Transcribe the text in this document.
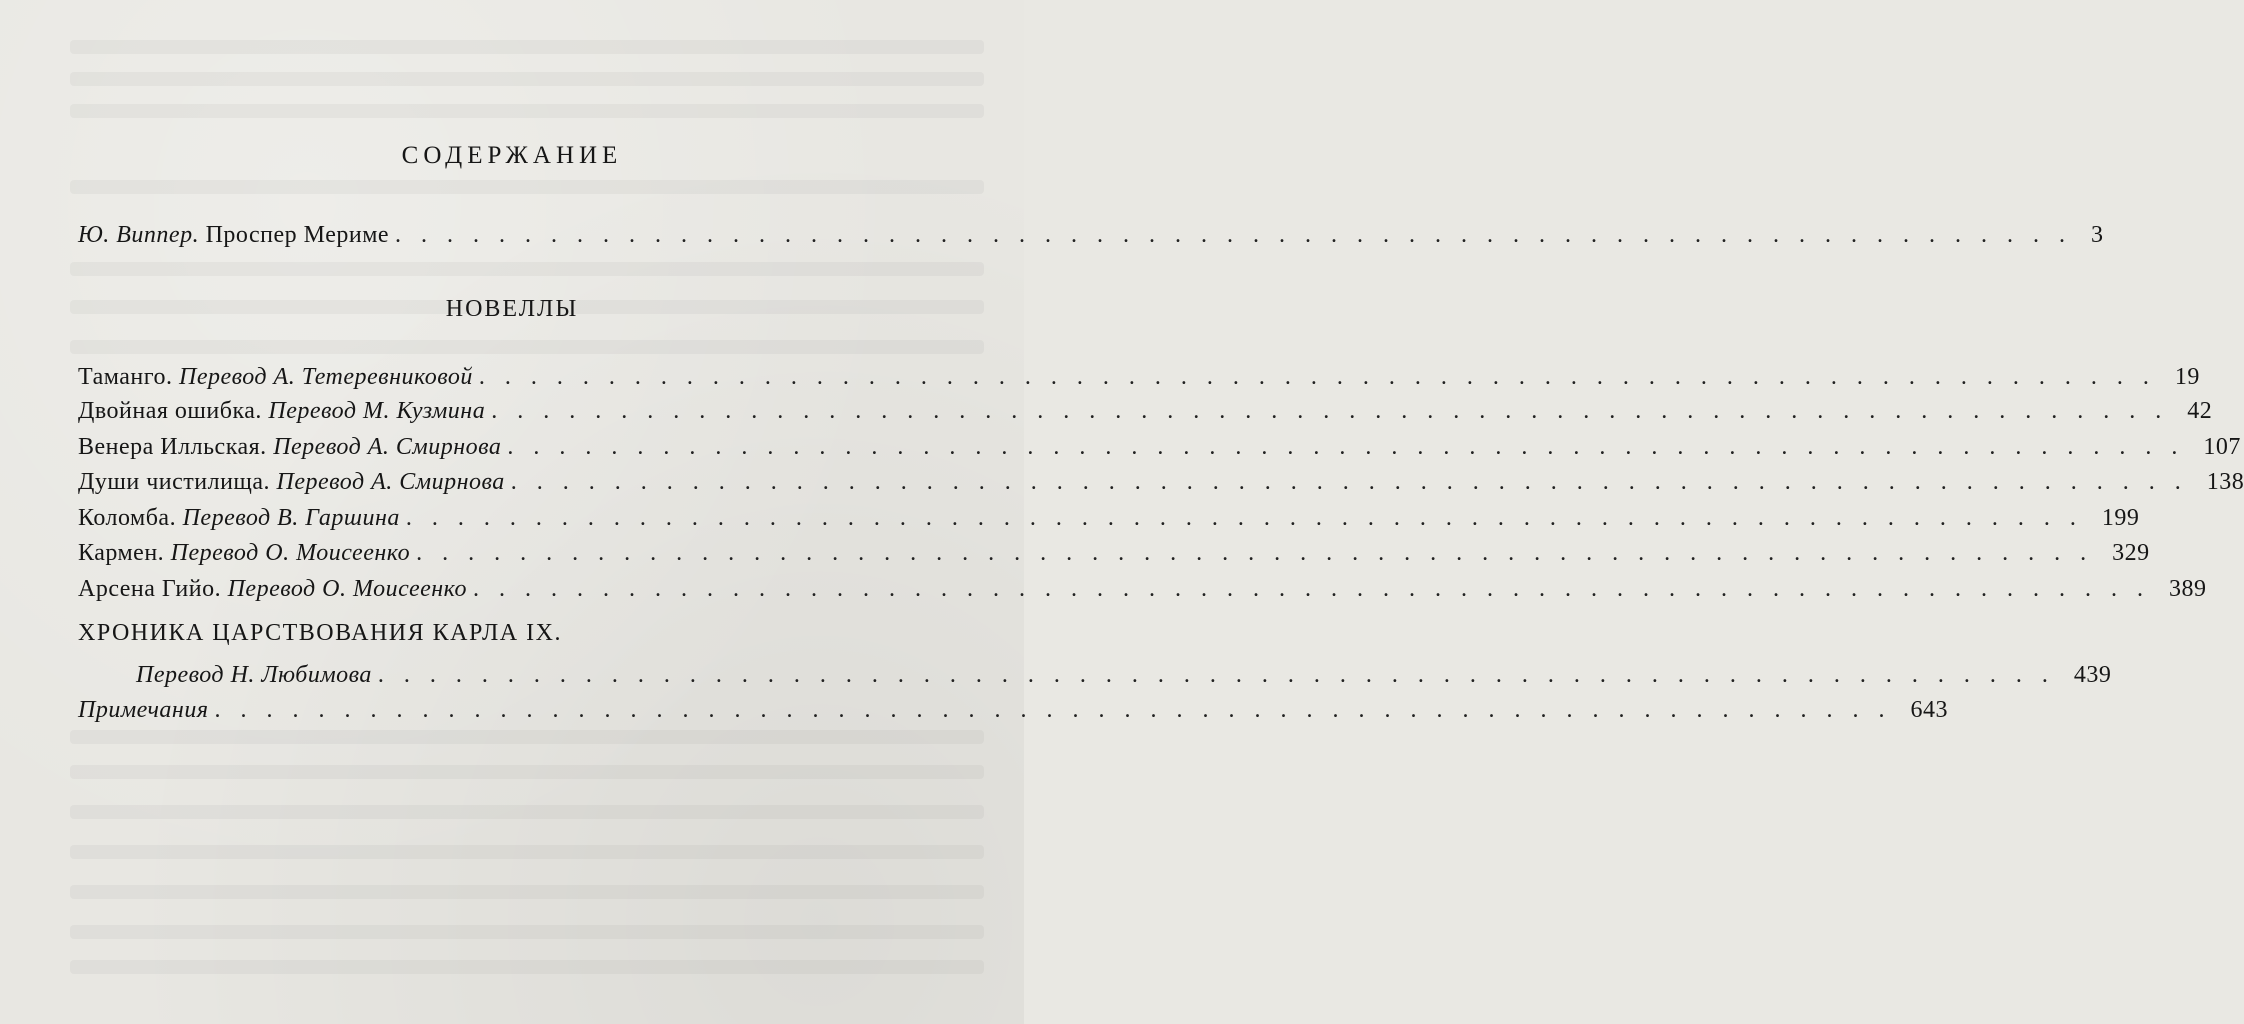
СОДЕРЖАНИЕ
Ю. Виппер. Проспер Мериме ................................................................. 3
НОВЕЛЛЫ
Таманго. Перевод А. Тетеревниковой ................................................................. 19
Двойная ошибка. Перевод М. Кузмина ................................................................. 42
Венера Илльская. Перевод А. Смирнова ................................................................. 107
Души чистилища. Перевод А. Смирнова ................................................................. 138
Коломба. Перевод В. Гаршина ................................................................. 199
Кармен. Перевод О. Моисеенко ................................................................. 329
Арсена Гийо. Перевод О. Моисеенко ................................................................. 389
ХРОНИКА ЦАРСТВОВАНИЯ КАРЛА IX.
Перевод Н. Любимова ................................................................. 439
Примечания ................................................................. 643
